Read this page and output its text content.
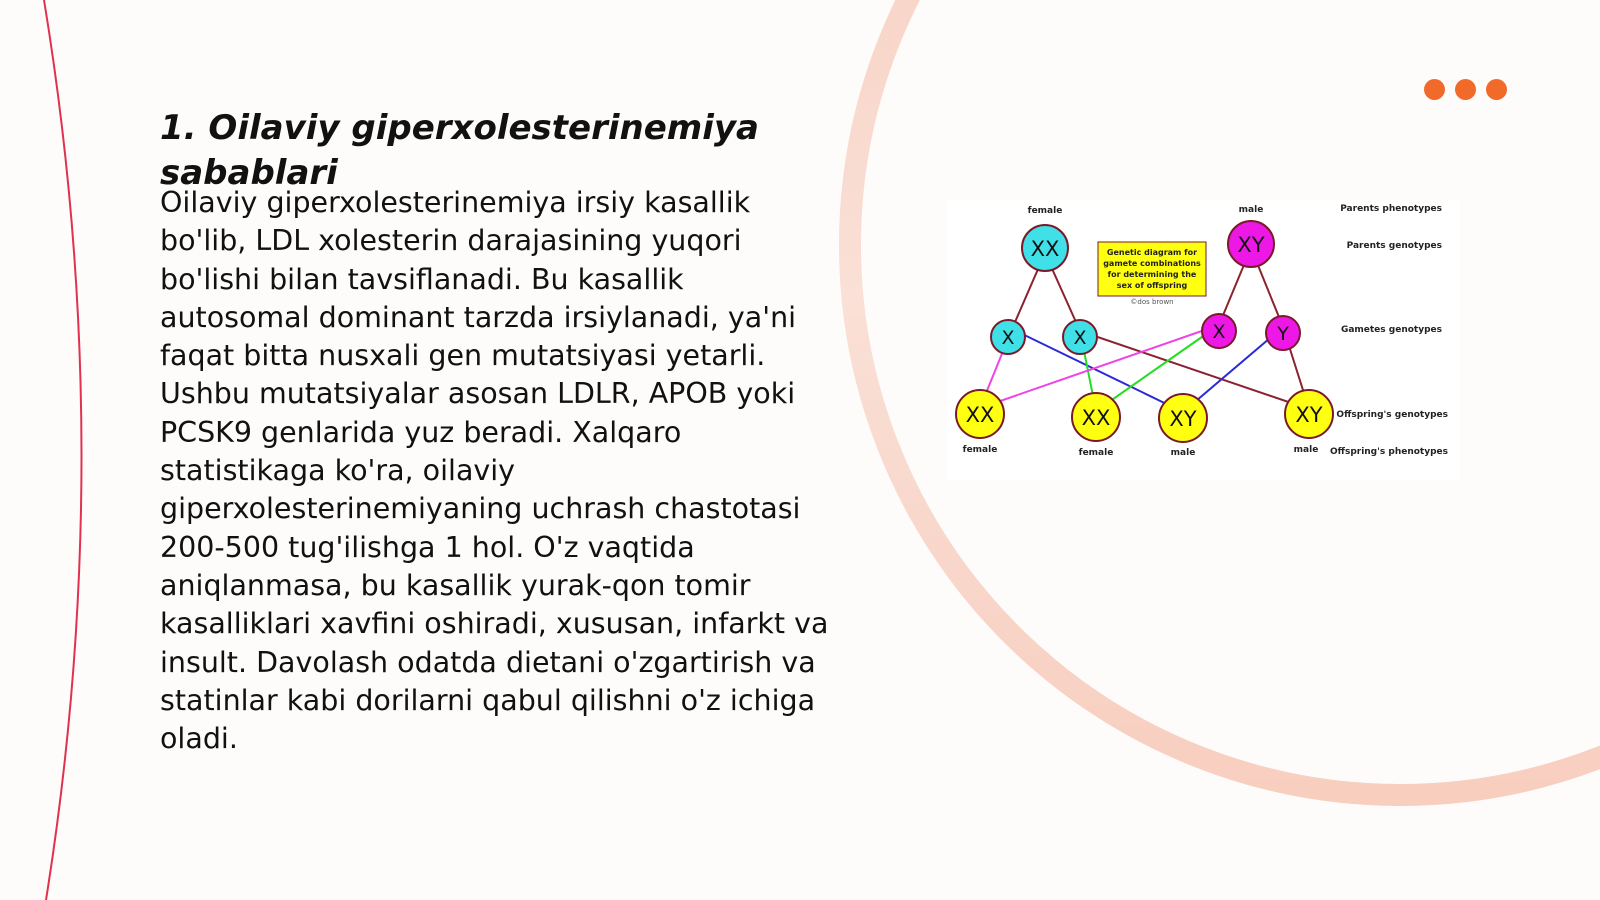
1. Oilaviy giperxolesterinemiya sabablari

Oilaviy giperxolesterinemiya irsiy kasallik bo'lib, LDL xolesterin darajasining yuqori bo'lishi bilan tavsiflanadi. Bu kasallik autosomal dominant tarzda irsiylanadi, ya'ni faqat bitta nusxali gen mutatsiyasi yetarli. Ushbu mutatsiyalar asosan LDLR, APOB yoki PCSK9 genlarida yuz beradi. Xalqaro statistikaga ko'ra, oilaviy giperxolesterinemiyaning uchrash chastotasi 200-500 tug'ilishga 1 hol. O'z vaqtida aniqlanmasa, bu kasallik yurak-qon tomir kasalliklari xavfini oshiradi, xususan, infarkt va insult. Davolash odatda dietani o'zgartirish va statinlar kabi dorilarni qabul qilishni o'z ichiga oladi.

XX
female
XY
male
Genetic diagram for
gamete combinations
for determining the
sex of offspring
©dos brown
X	X	X	Y
XX
female
XX
female
XY
male
XY
male
Parents phenotypes
Parents genotypes
Gametes genotypes
Offspring's genotypes
Offspring's phenotypes
